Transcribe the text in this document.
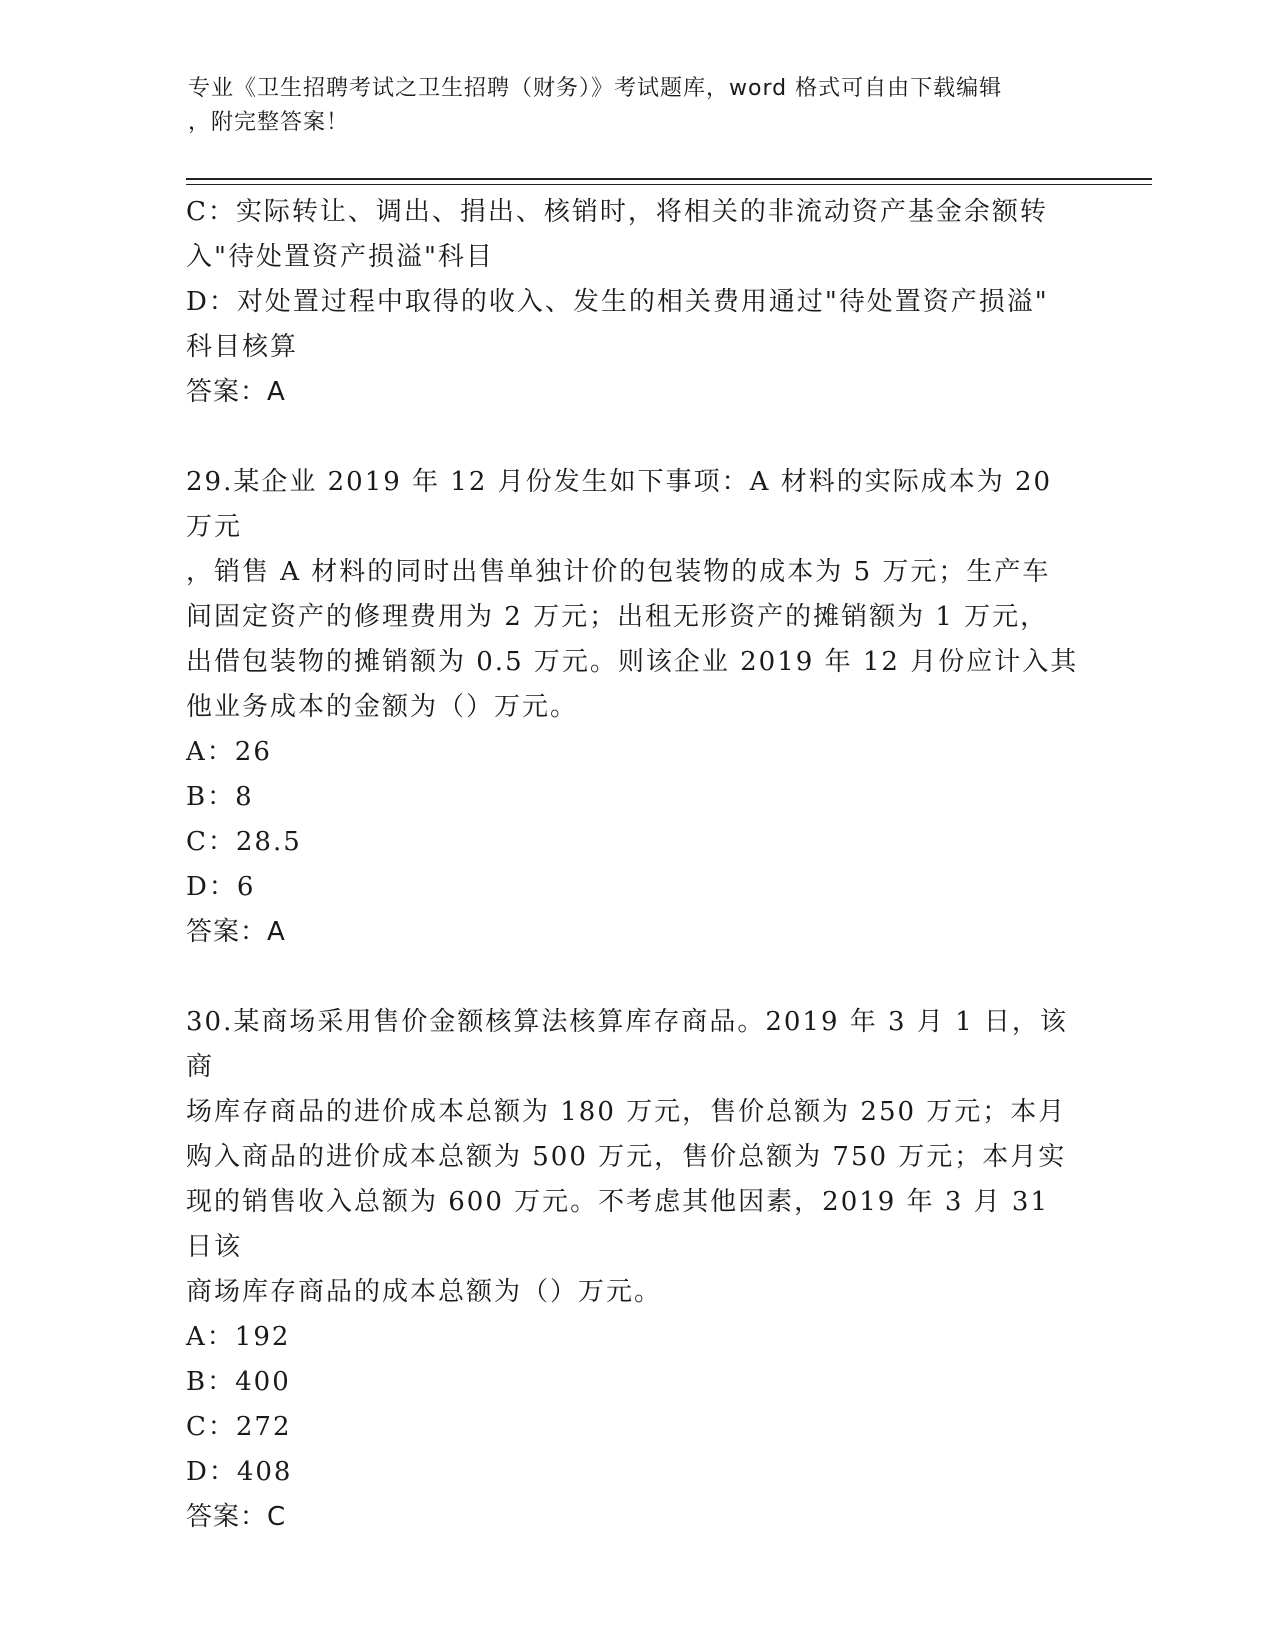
专业《卫生招聘考试之卫生招聘（财务）》考试题库，word 格式可自由下载编辑
，附完整答案！

C：实际转让、调出、捐出、核销时，将相关的非流动资产基金余额转

入"待处置资产损溢"科目

D：对处置过程中取得的收入、发生的相关费用通过"待处置资产损溢"

科目核算

答案：A

29.某企业 2019 年 12 月份发生如下事项：A 材料的实际成本为 20 万元

，销售 A 材料的同时出售单独计价的包装物的成本为 5 万元；生产车

间固定资产的修理费用为 2 万元；出租无形资产的摊销额为 1 万元，

出借包装物的摊销额为 0.5 万元。则该企业 2019 年 12 月份应计入其

他业务成本的金额为（）万元。

A：26

B：8

C：28.5

D：6

答案：A

30.某商场采用售价金额核算法核算库存商品。2019 年 3 月 1 日，该商

场库存商品的进价成本总额为 180 万元，售价总额为 250 万元；本月

购入商品的进价成本总额为 500 万元，售价总额为 750 万元；本月实

现的销售收入总额为 600 万元。不考虑其他因素，2019 年 3 月 31 日该

商场库存商品的成本总额为（）万元。

A：192

B：400

C：272

D：408

答案：C
